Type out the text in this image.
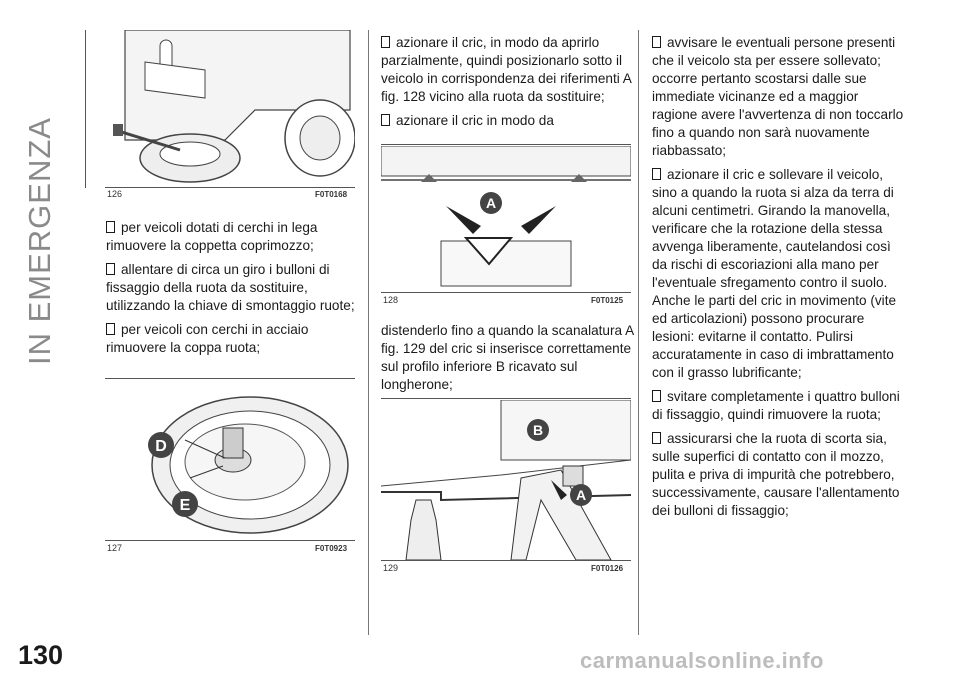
IN EMERGENZA
130
126	F0T0168

per veicoli dotati di cerchi in lega rimuovere la coppetta coprimozzo;

allentare di circa un giro i bulloni di fissaggio della ruota da sostituire, utilizzando la chiave di smontaggio ruote;

per veicoli con cerchi in acciaio rimuovere la coppa ruota;

D
E
127	F0T0923

azionare il cric, in modo da aprirlo parzialmente, quindi posizionarlo sotto il veicolo in corrispondenza dei riferimenti A fig. 128 vicino alla ruota da sostituire;

azionare il cric in modo da

A
128	F0T0125

distenderlo fino a quando la scanalatura A fig. 129 del cric si inserisce correttamente sul profilo inferiore B ricavato sul longherone;

B
A
129	F0T0126

avvisare le eventuali persone presenti che il veicolo sta per essere sollevato; occorre pertanto scostarsi dalle sue immediate vicinanze ed a maggior ragione avere l'avvertenza di non toccarlo fino a quando non sarà nuovamente riabbassato;

azionare il cric e sollevare il veicolo, sino a quando la ruota si alza da terra di alcuni centimetri. Girando la manovella, verificare che la rotazione della stessa avvenga liberamente, cautelandosi così da rischi di escoriazioni alla mano per l'eventuale sfregamento contro il suolo. Anche le parti del cric in movimento (vite ed articolazioni) possono procurare lesioni: evitarne il contatto. Pulirsi accuratamente in caso di imbrattamento con il grasso lubrificante;

svitare completamente i quattro bulloni di fissaggio, quindi rimuovere la ruota;

assicurarsi che la ruota di scorta sia, sulle superfici di contatto con il mozzo, pulita e priva di impurità che potrebbero, successivamente, causare l'allentamento dei bulloni di fissaggio;

carmanualsonline.info
